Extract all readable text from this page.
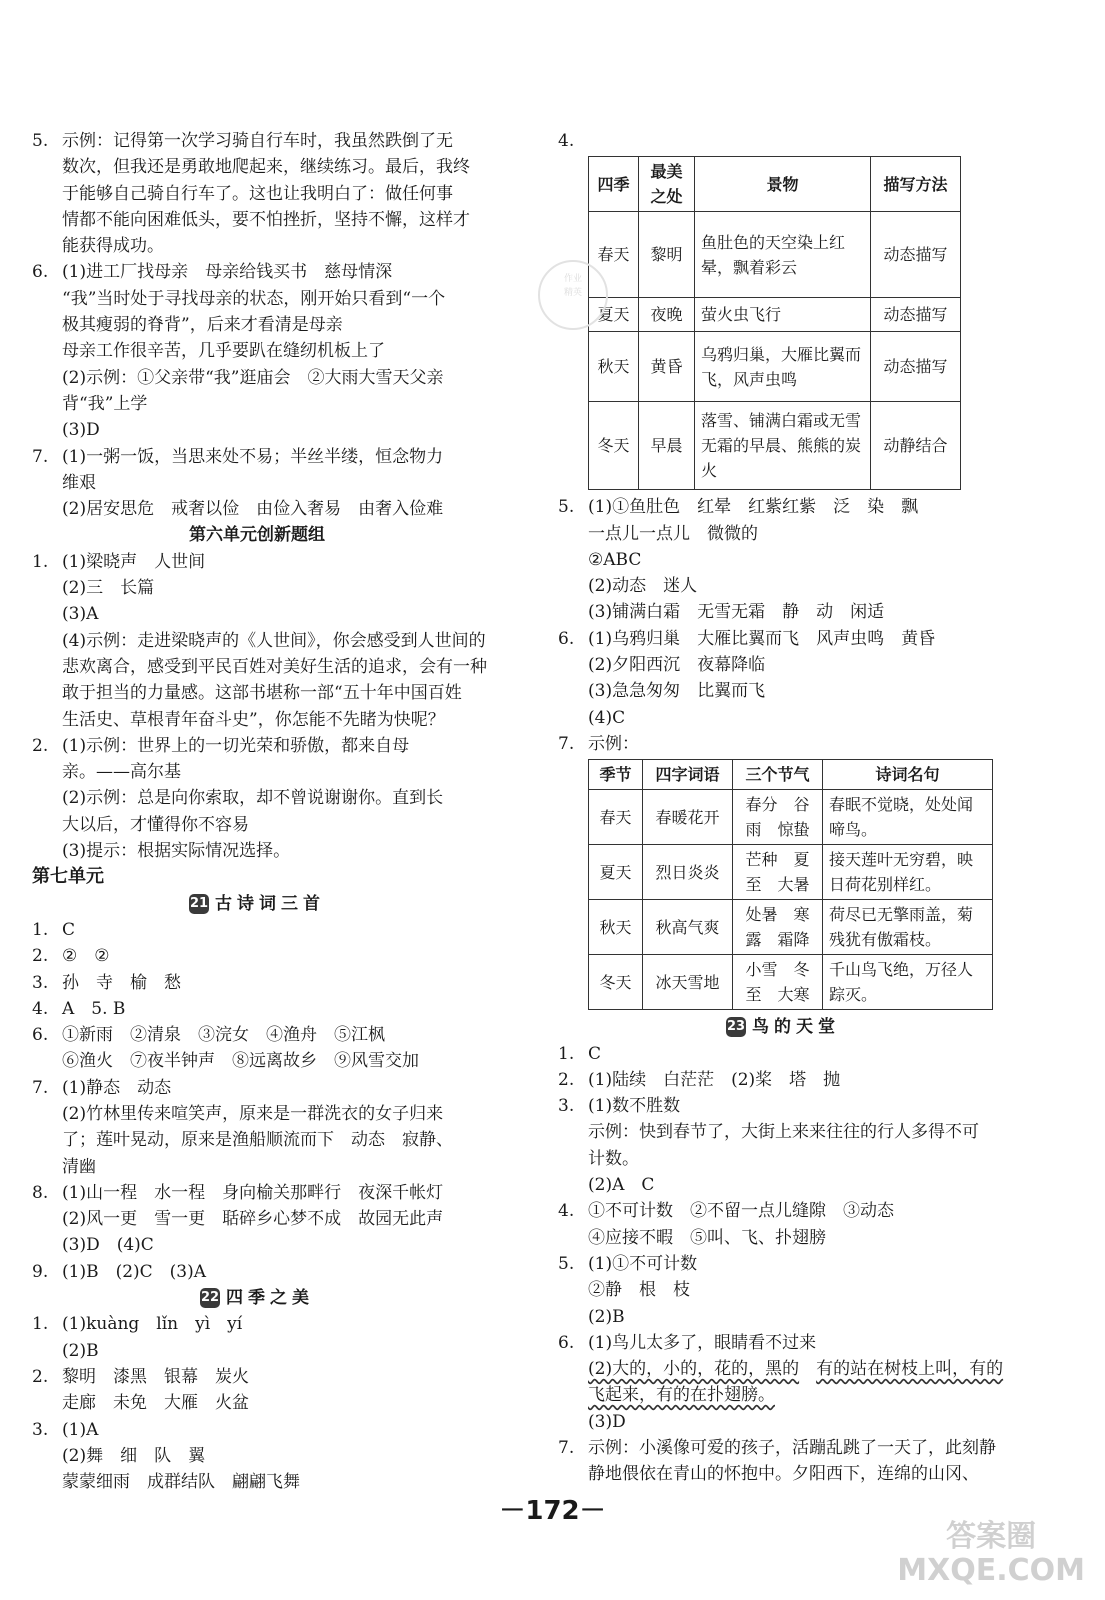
5. 示例：记得第一次学习骑自行车时，我虽然跌倒了无
数次，但我还是勇敢地爬起来，继续练习。最后，我终
于能够自己骑自行车了。这也让我明白了：做任何事
情都不能向困难低头，要不怕挫折，坚持不懈，这样才
能获得成功。
6. (1)进工厂找母亲　母亲给钱买书　慈母情深
“我”当时处于寻找母亲的状态，刚开始只看到“一个
极其瘦弱的脊背”，后来才看清是母亲
母亲工作很辛苦，几乎要趴在缝纫机板上了
(2)示例：①父亲带“我”逛庙会　②大雨大雪天父亲
背“我”上学
(3)D
7. (1)一粥一饭，当思来处不易；半丝半缕，恒念物力
维艰
(2)居安思危　戒奢以俭　由俭入奢易　由奢入俭难
第六单元创新题组
1. (1)梁晓声　人世间
(2)三　长篇
(3)A
(4)示例：走进梁晓声的《人世间》，你会感受到人世间的
悲欢离合，感受到平民百姓对美好生活的追求，会有一种
敢于担当的力量感。这部书堪称一部“五十年中国百姓
生活史、草根青年奋斗史”，你怎能不先睹为快呢？
2. (1)示例：世界上的一切光荣和骄傲，都来自母
亲。——高尔基
(2)示例：总是向你索取，却不曾说谢谢你。直到长
大以后，才懂得你不容易
(3)提示：根据实际情况选择。
第七单元
21 古诗词三首
1. C
2. ②　②
3. 孙　寺　榆　愁
4. A　5. B
6. ①新雨　②清泉　③浣女　④渔舟　⑤江枫
⑥渔火　⑦夜半钟声　⑧远离故乡　⑨风雪交加
7. (1)静态　动态
(2)竹林里传来喧笑声，原来是一群洗衣的女子归来
了；莲叶晃动，原来是渔船顺流而下　动态　寂静、
清幽
8. (1)山一程　水一程　身向榆关那畔行　夜深千帐灯
(2)风一更　雪一更　聒碎乡心梦不成　故园无此声
(3)D　(4)C
9. (1)B　(2)C　(3)A
22 四季之美
1. (1)kuàng　lǐn　yì　yí
(2)B
2. 黎明　漆黑　银幕　炭火
走廊　未免　大雁　火盆
3. (1)A
(2)舞　细　队　翼
蒙蒙细雨　成群结队　翩翩飞舞
4.
四季	最美之处	景物	描写方法
春天	黎明	鱼肚色的天空染上红晕，飘着彩云	动态描写
夏天	夜晚	萤火虫飞行	动态描写
秋天	黄昏	乌鸦归巢，大雁比翼而飞，风声虫鸣	动态描写
冬天	早晨	落雪、铺满白霜或无雪无霜的早晨、熊熊的炭火	动静结合
5. (1)①鱼肚色　红晕　红紫红紫　泛　染　飘
一点儿一点儿　微微的
②ABC
(2)动态　迷人
(3)铺满白霜　无雪无霜　静　动　闲适
6. (1)乌鸦归巢　大雁比翼而飞　风声虫鸣　黄昏
(2)夕阳西沉　夜幕降临
(3)急急匆匆　比翼而飞
(4)C
7. 示例：
季节	四字词语	三个节气	诗词名句
春天	春暖花开	春分　谷雨　惊蛰	春眠不觉晓，处处闻啼鸟。
夏天	烈日炎炎	芒种　夏至　大暑	接天莲叶无穷碧，映日荷花别样红。
秋天	秋高气爽	处暑　寒露　霜降	荷尽已无擎雨盖，菊残犹有傲霜枝。
冬天	冰天雪地	小雪　冬至　大寒	千山鸟飞绝，万径人踪灭。
23 鸟的天堂
1. C
2. (1)陆续　白茫茫　(2)桨　塔　抛
3. (1)数不胜数
示例：快到春节了，大街上来来往往的行人多得不可
计数。
(2)A　C
4. ①不可计数　②不留一点儿缝隙　③动态
④应接不暇　⑤叫、飞、扑翅膀
5. (1)①不可计数
②静　根　枝
(2)B
6. (1)鸟儿太多了，眼睛看不过来
(2)大的，小的，花的，黑的　 有的站在树枝上叫，有的
飞起来，有的在扑翅膀。
(3)D
7. 示例：小溪像可爱的孩子，活蹦乱跳了一天了，此刻静
静地偎依在青山的怀抱中。夕阳西下，连绵的山冈、
作业
精英
－172－
答案圈
MXQE.COM
